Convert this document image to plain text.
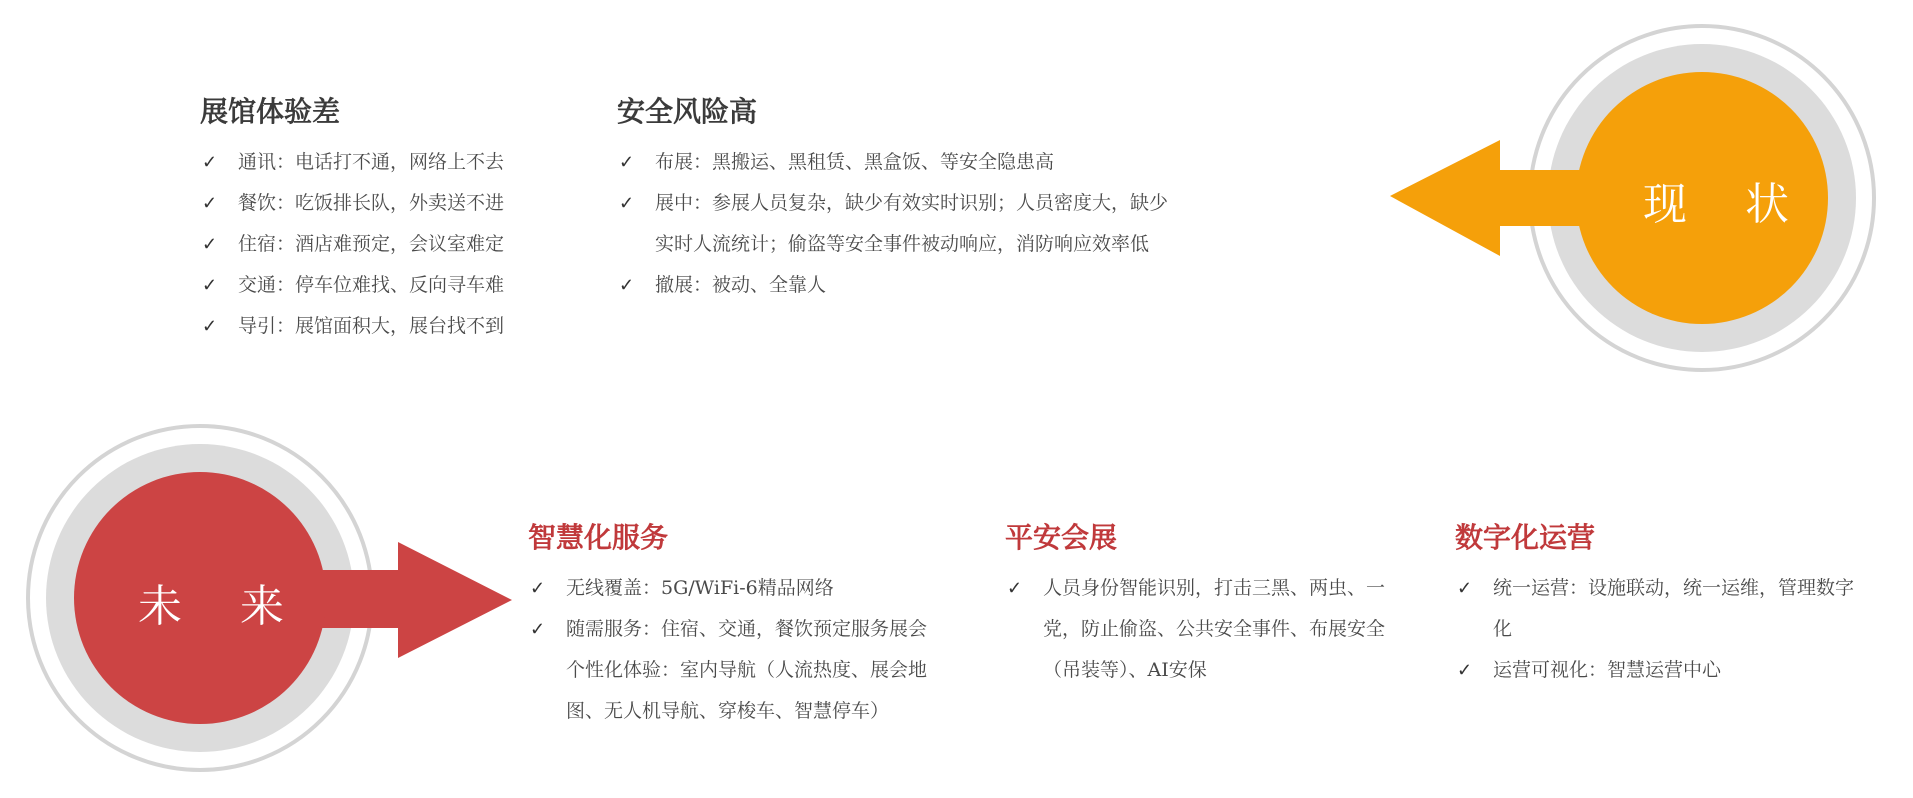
现 状
未 来
展馆体验差
✓ 通讯：电话打不通，网络上不去
✓ 餐饮：吃饭排长队，外卖送不进
✓ 住宿：酒店难预定，会议室难定
✓ 交通：停车位难找、反向寻车难
✓ 导引：展馆面积大，展台找不到
安全风险高
✓ 布展：黑搬运、黑租赁、黑盒饭、等安全隐患高
✓ 展中：参展人员复杂，缺少有效实时识别；人员密度大，缺少实时人流统计；偷盗等安全事件被动响应，消防响应效率低
✓ 撤展：被动、全靠人
智慧化服务
✓ 无线覆盖：5G/WiFi-6精品网络
✓ 随需服务：住宿、交通，餐饮预定服务展会个性化体验：室内导航（人流热度、展会地图、无人机导航、穿梭车、智慧停车）
平安会展
✓ 人员身份智能识别，打击三黑、两虫、一党，防止偷盗、公共安全事件、布展安全（吊装等）、AI安保
数字化运营
✓ 统一运营：设施联动，统一运维，管理数字化
✓ 运营可视化：智慧运营中心
